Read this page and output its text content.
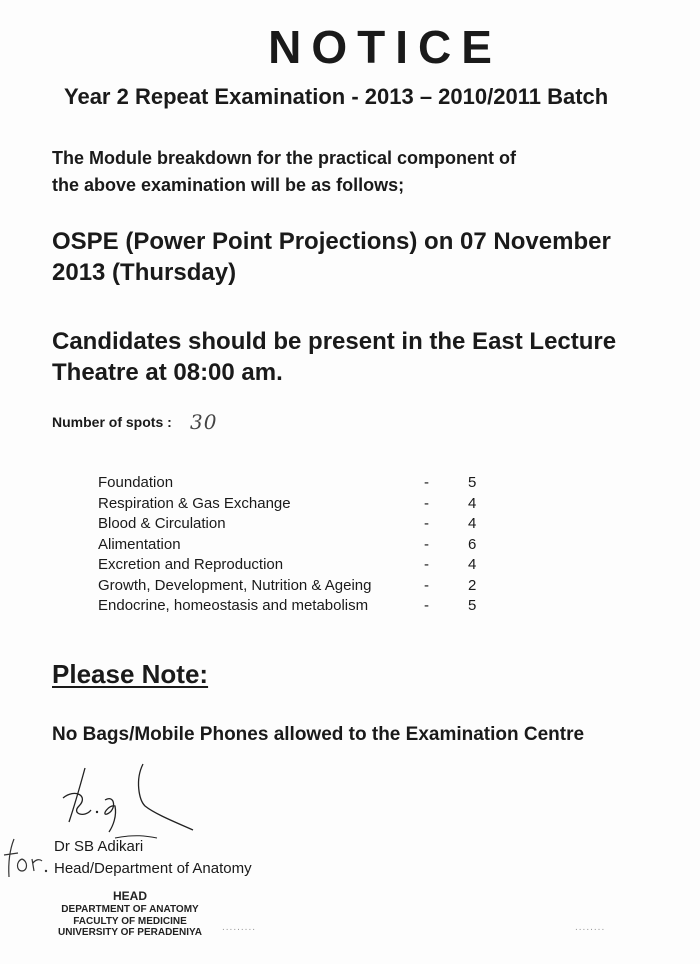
NOTICE
Year 2 Repeat Examination - 2013 – 2010/2011 Batch
The Module breakdown for the practical component of
the above examination will be as follows;
OSPE (Power Point Projections) on 07 November
2013 (Thursday)
Candidates should be present in the East Lecture
Theatre at 08:00 am.
Number of spots : 30
Foundation	-	5
Respiration & Gas Exchange	-	4
Blood & Circulation	-	4
Alimentation	-	6
Excretion and Reproduction	-	4
Growth, Development, Nutrition & Ageing	-	2
Endocrine, homeostasis and metabolism	-	5
Please Note:
No Bags/Mobile Phones allowed to the Examination Centre
Dr SB Adikari
Head/Department of Anatomy
HEAD
DEPARTMENT OF ANATOMY
FACULTY OF MEDICINE
UNIVERSITY OF PERADENIYA	.........	........
